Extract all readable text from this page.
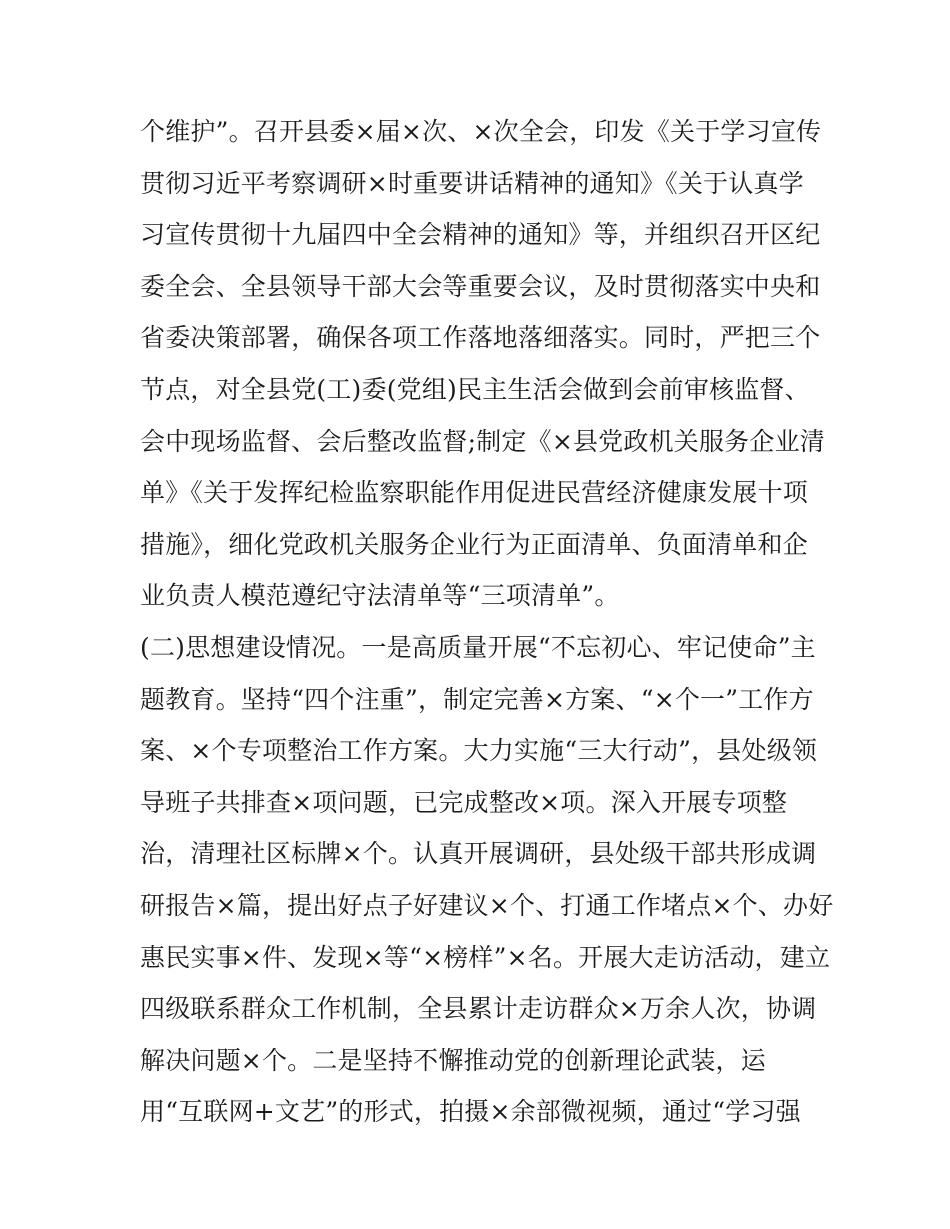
个维护”。召开县委×届×次、×次全会，印发《关于学习宣传
贯彻习近平考察调研×时重要讲话精神的通知》《关于认真学
习宣传贯彻十九届四中全会精神的通知》等，并组织召开区纪
委全会、全县领导干部大会等重要会议，及时贯彻落实中央和
省委决策部署，确保各项工作落地落细落实。同时，严把三个
节点，对全县党(工)委(党组)民主生活会做到会前审核监督、
会中现场监督、会后整改监督;制定《×县党政机关服务企业清
单》《关于发挥纪检监察职能作用促进民营经济健康发展十项
措施》，细化党政机关服务企业行为正面清单、负面清单和企
业负责人模范遵纪守法清单等“三项清单”。
(二)思想建设情况。一是高质量开展“不忘初心、牢记使命”主
题教育。坚持“四个注重”，制定完善×方案、“×个一”工作方
案、×个专项整治工作方案。大力实施“三大行动”，县处级领
导班子共排查×项问题，已完成整改×项。深入开展专项整
治，清理社区标牌×个。认真开展调研，县处级干部共形成调
研报告×篇，提出好点子好建议×个、打通工作堵点×个、办好
惠民实事×件、发现×等“×榜样”×名。开展大走访活动，建立
四级联系群众工作机制，全县累计走访群众×万余人次，协调
解决问题×个。二是坚持不懈推动党的创新理论武装，运
用“互联网+文艺”的形式，拍摄×余部微视频，通过“学习强
